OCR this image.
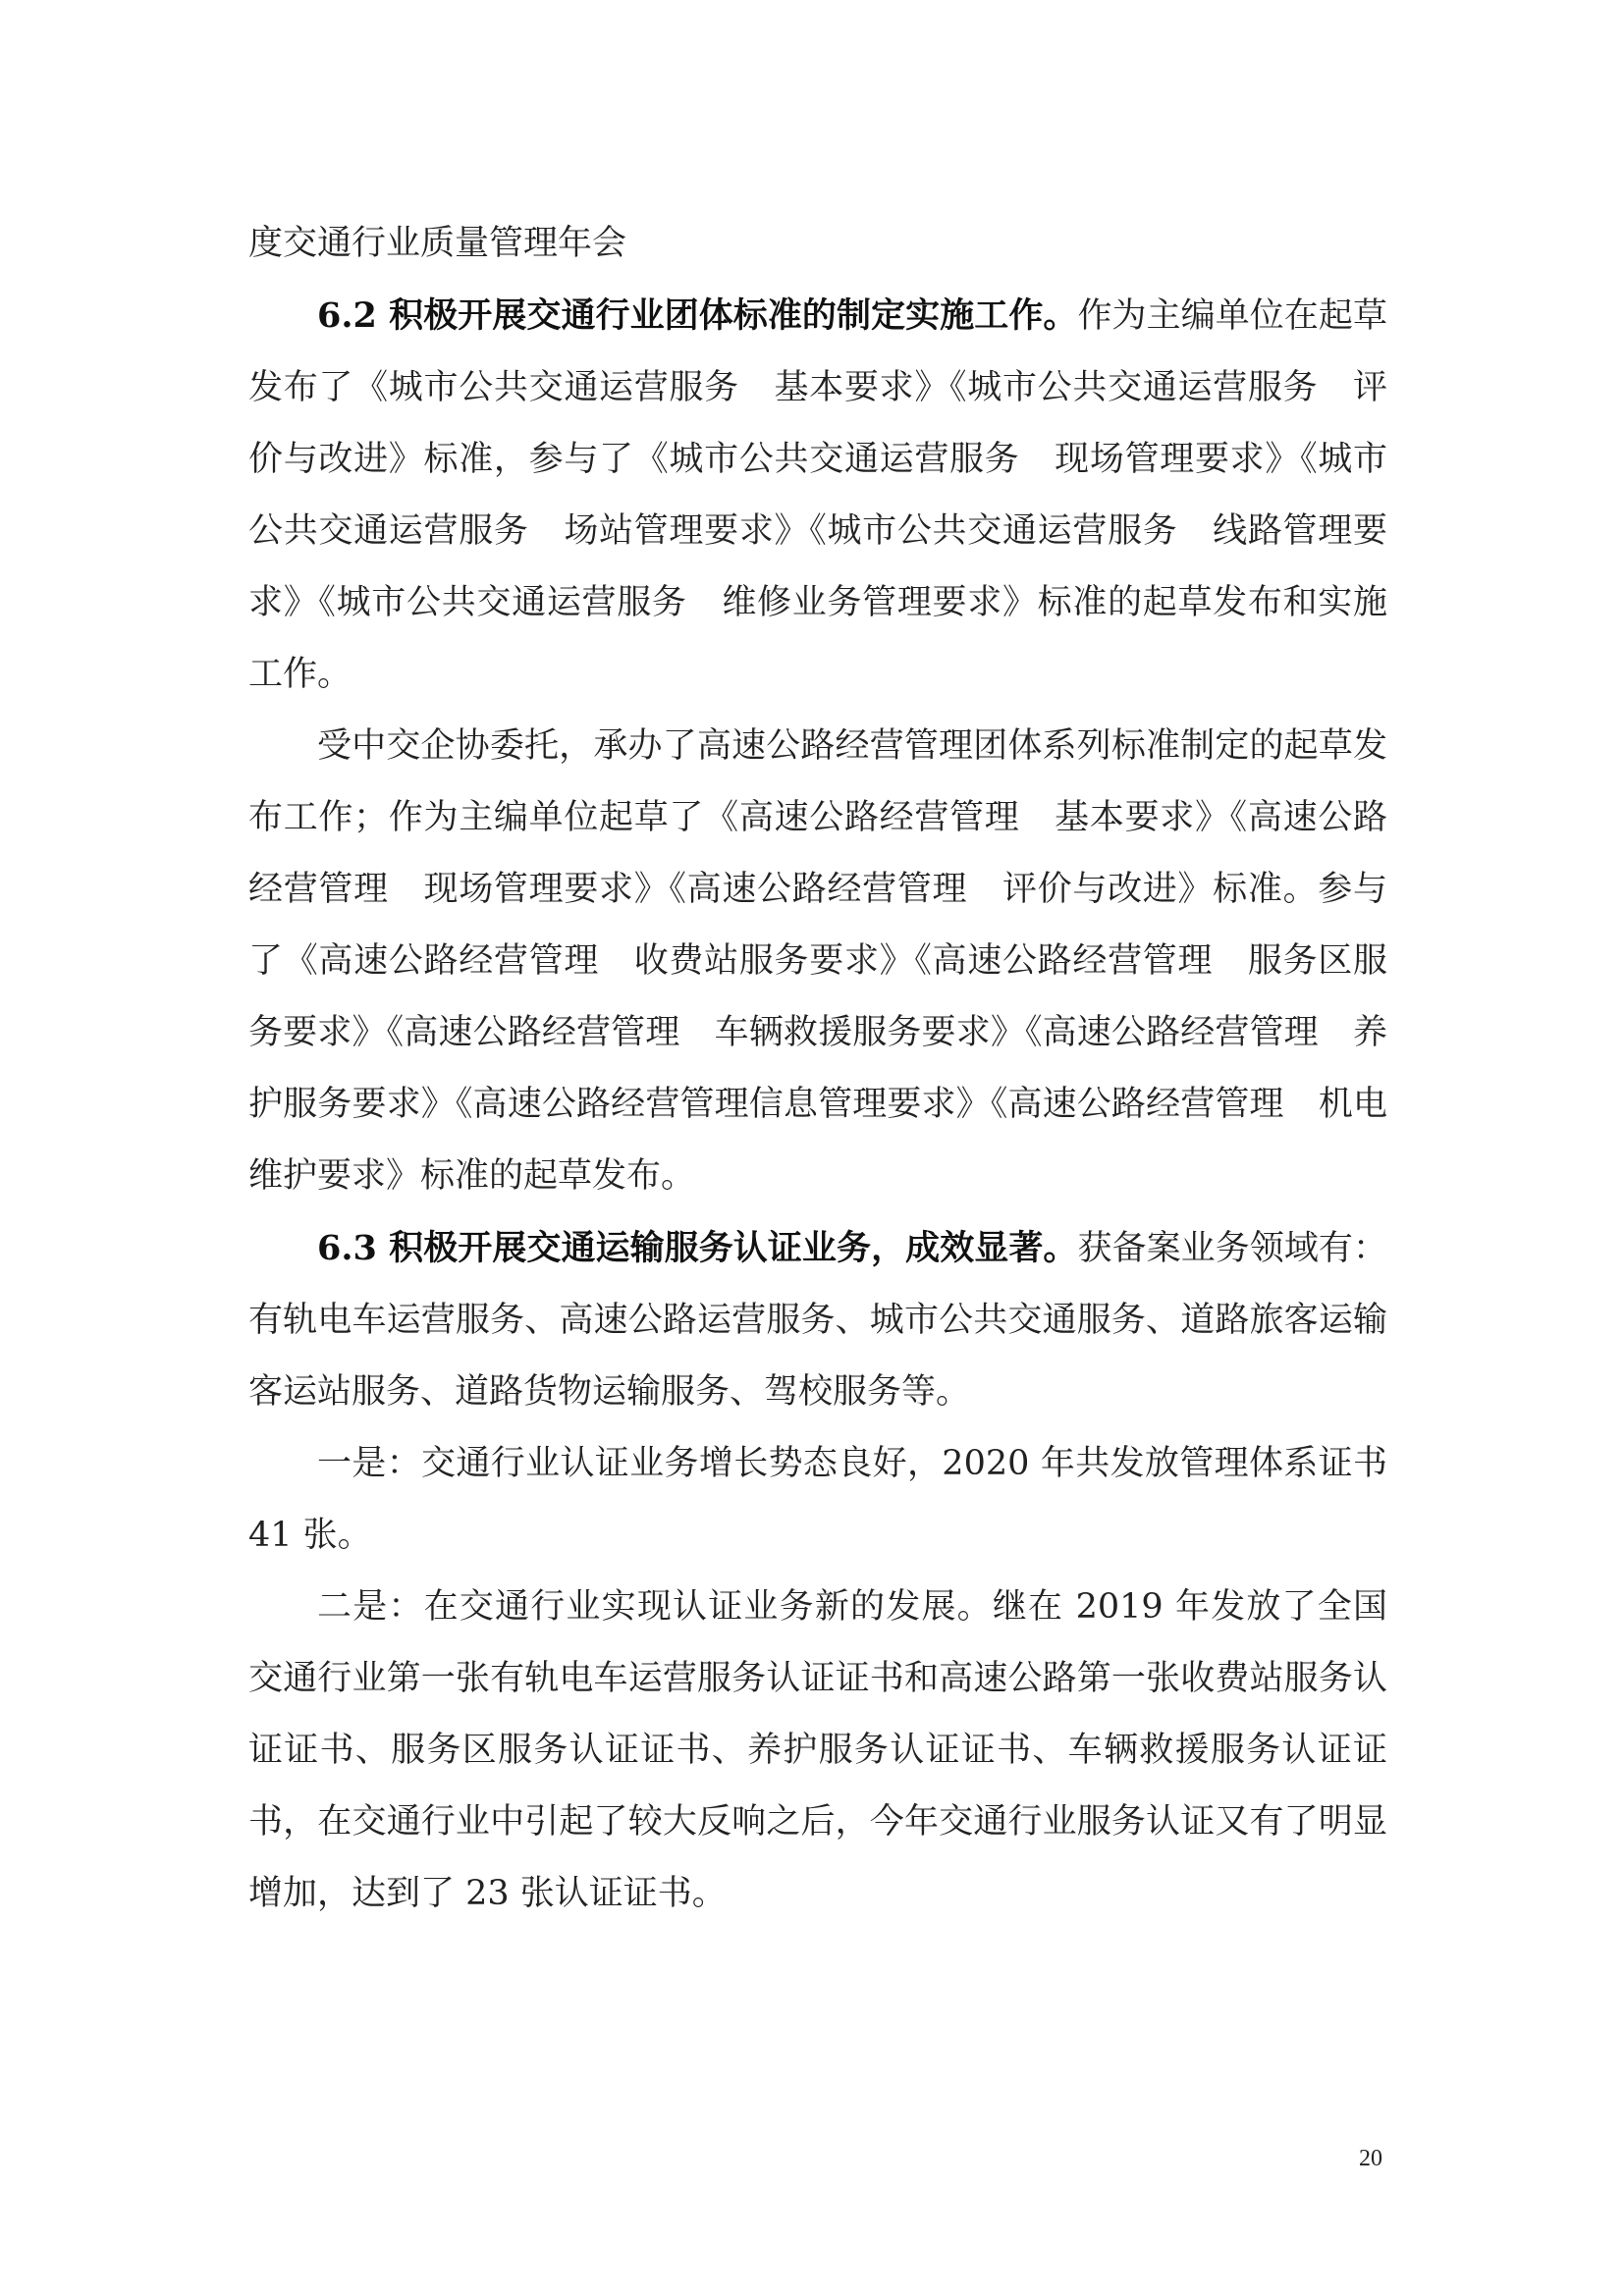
度交通行业质量管理年会

6.2 积极开展交通行业团体标准的制定实施工作。作为主编单位在起草发布了《城市公共交通运营服务　基本要求》《城市公共交通运营服务　评价与改进》标准，参与了《城市公共交通运营服务　现场管理要求》《城市公共交通运营服务　场站管理要求》《城市公共交通运营服务　线路管理要求》《城市公共交通运营服务　维修业务管理要求》标准的起草发布和实施工作。

受中交企协委托，承办了高速公路经营管理团体系列标准制定的起草发布工作；作为主编单位起草了《高速公路经营管理　基本要求》《高速公路经营管理　现场管理要求》《高速公路经营管理　评价与改进》标准。参与了《高速公路经营管理　收费站服务要求》《高速公路经营管理　服务区服务要求》《高速公路经营管理　车辆救援服务要求》《高速公路经营管理　养护服务要求》《高速公路经营管理信息管理要求》《高速公路经营管理　机电维护要求》标准的起草发布。

6.3 积极开展交通运输服务认证业务，成效显著。获备案业务领域有：有轨电车运营服务、高速公路运营服务、城市公共交通服务、道路旅客运输客运站服务、道路货物运输服务、驾校服务等。

一是：交通行业认证业务增长势态良好，2020 年共发放管理体系证书 41 张。

二是：在交通行业实现认证业务新的发展。继在 2019 年发放了全国交通行业第一张有轨电车运营服务认证证书和高速公路第一张收费站服务认证证书、服务区服务认证证书、养护服务认证证书、车辆救援服务认证证书，在交通行业中引起了较大反响之后，今年交通行业服务认证又有了明显增加，达到了 23 张认证证书。

20
